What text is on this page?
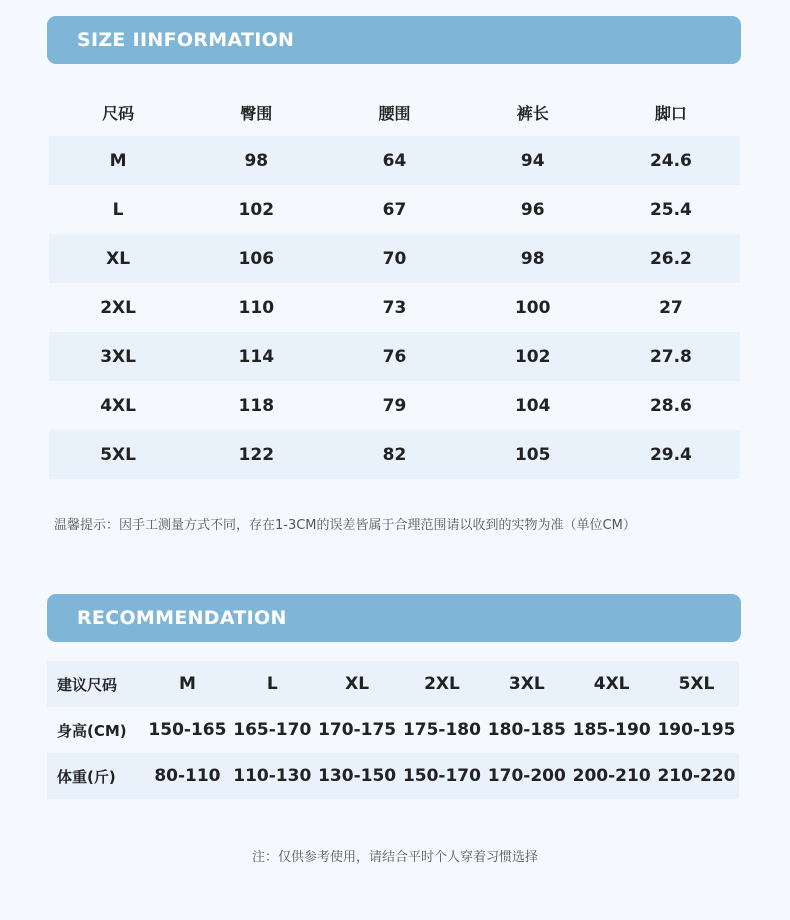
SIZE IINFORMATION
尺码	臀围	腰围	裤长	脚口
M	98	64	94	24.6
L	102	67	96	25.4
XL	106	70	98	26.2
2XL	110	73	100	27
3XL	114	76	102	27.8
4XL	118	79	104	28.6
5XL	122	82	105	29.4
温馨提示：因手工测量方式不同，存在1-3CM的误差皆属于合理范围请以收到的实物为准（单位CM）
RECOMMENDATION
建议尺码	M	L	XL	2XL	3XL	4XL	5XL
身高(CM)	150-165 165-170 170-175 175-180 180-185 185-190 190-195
体重(斤)	80-110 110-130 130-150 150-170 170-200 200-210 210-220
注：仅供参考使用，请结合平时个人穿着习惯选择
